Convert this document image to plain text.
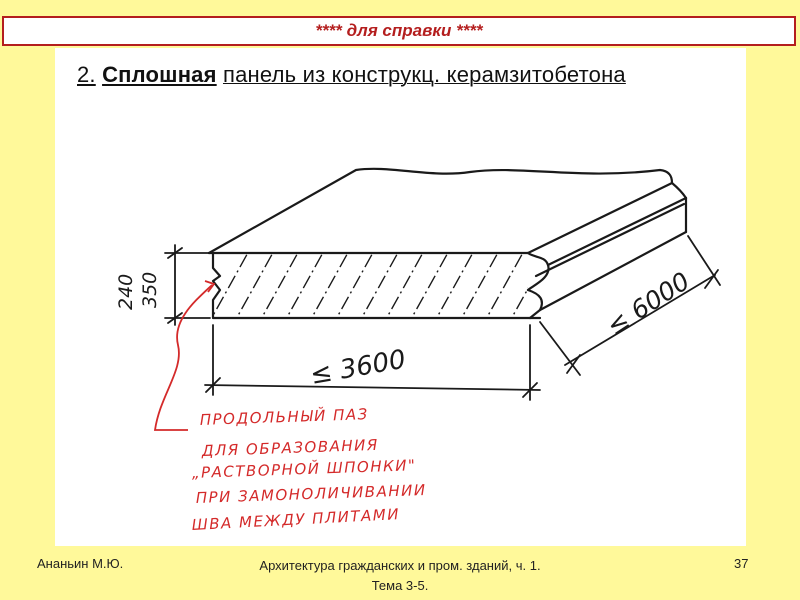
**** для справки ****
2. Сплошная панель из конструкц. керамзитобетона
240 350
≤ 3600
≤ 6000
ПРОДОЛЬНЫЙ ПАЗ
ДЛЯ ОБРАЗОВАНИЯ
„РАСТВОРНОЙ ШПОНКИ"
ПРИ ЗАМОНОЛИЧИВАНИИ
ШВА МЕЖДУ ПЛИТАМИ
Ананьин М.Ю.	Архитектура гражданских и пром. зданий, ч. 1. Тема 3-5.
37
